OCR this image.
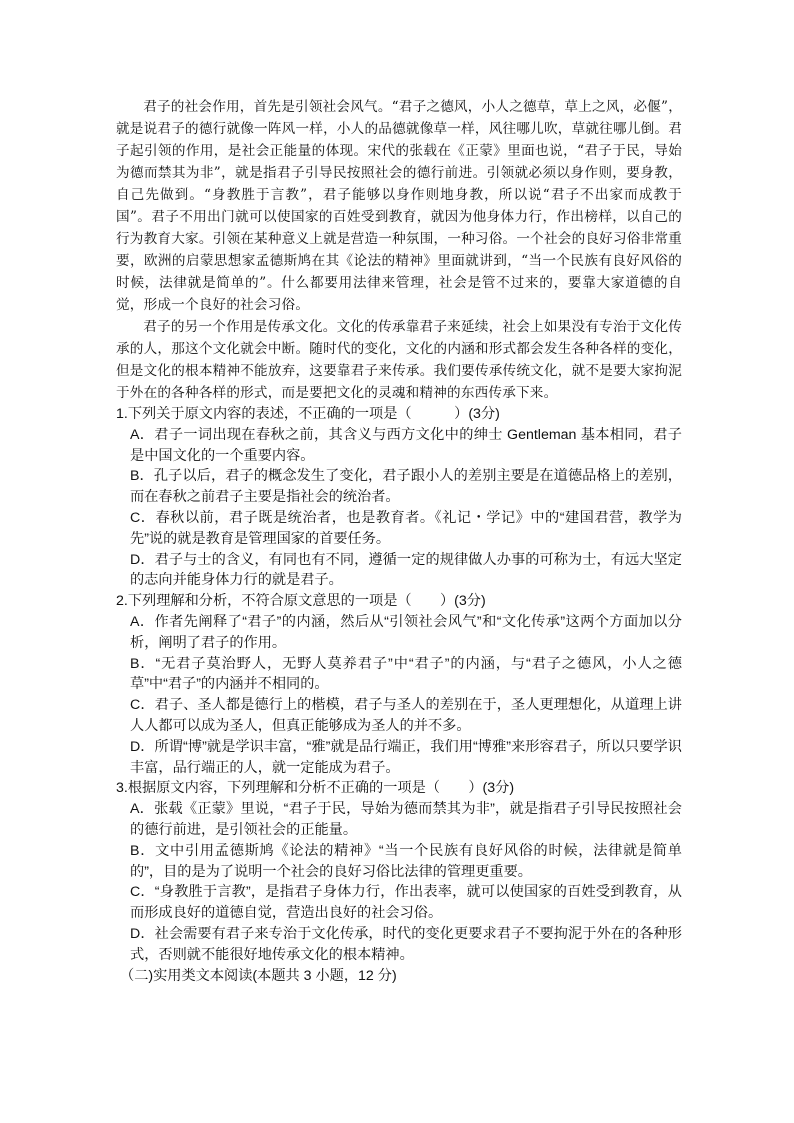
君子的社会作用，首先是引领社会风气。“君子之德风，小人之德草，草上之风，必偃”，就是说君子的德行就像一阵风一样，小人的品德就像草一样，风往哪儿吹，草就往哪儿倒。君子起引领的作用，是社会正能量的体现。宋代的张载在《正蒙》里面也说，“君子于民，导始为德而禁其为非”，就是指君子引导民按照社会的德行前进。引领就必须以身作则，要身教，自己先做到。“身教胜于言教”，君子能够以身作则地身教，所以说“君子不出家而成教于国”。君子不用出门就可以使国家的百姓受到教育，就因为他身体力行，作出榜样，以自己的行为教育大家。引领在某种意义上就是营造一种氛围，一种习俗。一个社会的良好习俗非常重要，欧洲的启蒙思想家孟德斯鸠在其《论法的精神》里面就讲到，“当一个民族有良好风俗的时候，法律就是简单的”。什么都要用法律来管理，社会是管不过来的，要靠大家道德的自觉，形成一个良好的社会习俗。

君子的另一个作用是传承文化。文化的传承靠君子来延续，社会上如果没有专治于文化传承的人，那这个文化就会中断。随时代的变化，文化的内涵和形式都会发生各种各样的变化，但是文化的根本精神不能放弃，这要靠君子来传承。我们要传承传统文化，就不是要大家拘泥于外在的各种各样的形式，而是要把文化的灵魂和精神的东西传承下来。

1.下列关于原文内容的表述，不正确的一项是（　　　）(3分)

A．君子一词出现在春秋之前，其含义与西方文化中的绅士 Gentleman 基本相同，君子是中国文化的一个重要内容。

B．孔子以后，君子的概念发生了变化，君子跟小人的差别主要是在道德品格上的差别，而在春秋之前君子主要是指社会的统治者。

C．春秋以前，君子既是统治者，也是教育者。《礼记・学记》中的“建国君营，教学为先”说的就是教育是管理国家的首要任务。

D．君子与士的含义，有同也有不同，遵循一定的规律做人办事的可称为士，有远大坚定的志向并能身体力行的就是君子。

2.下列理解和分析，不符合原文意思的一项是（　　）(3分)

A．作者先阐释了“君子”的内涵，然后从“引领社会风气”和“文化传承”这两个方面加以分析，阐明了君子的作用。

B．“无君子莫治野人，无野人莫养君子”中“君子”的内涵，与“君子之德风，小人之德草”中“君子”的内涵并不相同的。

C．君子、圣人都是德行上的楷模，君子与圣人的差别在于，圣人更理想化，从道理上讲人人都可以成为圣人，但真正能够成为圣人的并不多。

D．所谓“博”就是学识丰富，“雅”就是品行端正，我们用“博雅”来形容君子，所以只要学识丰富，品行端正的人，就一定能成为君子。

3.根据原文内容，下列理解和分析不正确的一项是（　　）(3分)

A．张载《正蒙》里说，“君子于民，导始为德而禁其为非”，就是指君子引导民按照社会的德行前进，是引领社会的正能量。

B．文中引用孟德斯鸠《论法的精神》“当一个民族有良好风俗的时候，法律就是简单的”，目的是为了说明一个社会的良好习俗比法律的管理更重要。

C．“身教胜于言教”，是指君子身体力行，作出表率，就可以使国家的百姓受到教育，从而形成良好的道德自觉，营造出良好的社会习俗。

D．社会需要有君子来专治于文化传承，时代的变化更要求君子不要拘泥于外在的各种形式，否则就不能很好地传承文化的根本精神。

（二)实用类文本阅读(本题共 3 小题，12 分)
